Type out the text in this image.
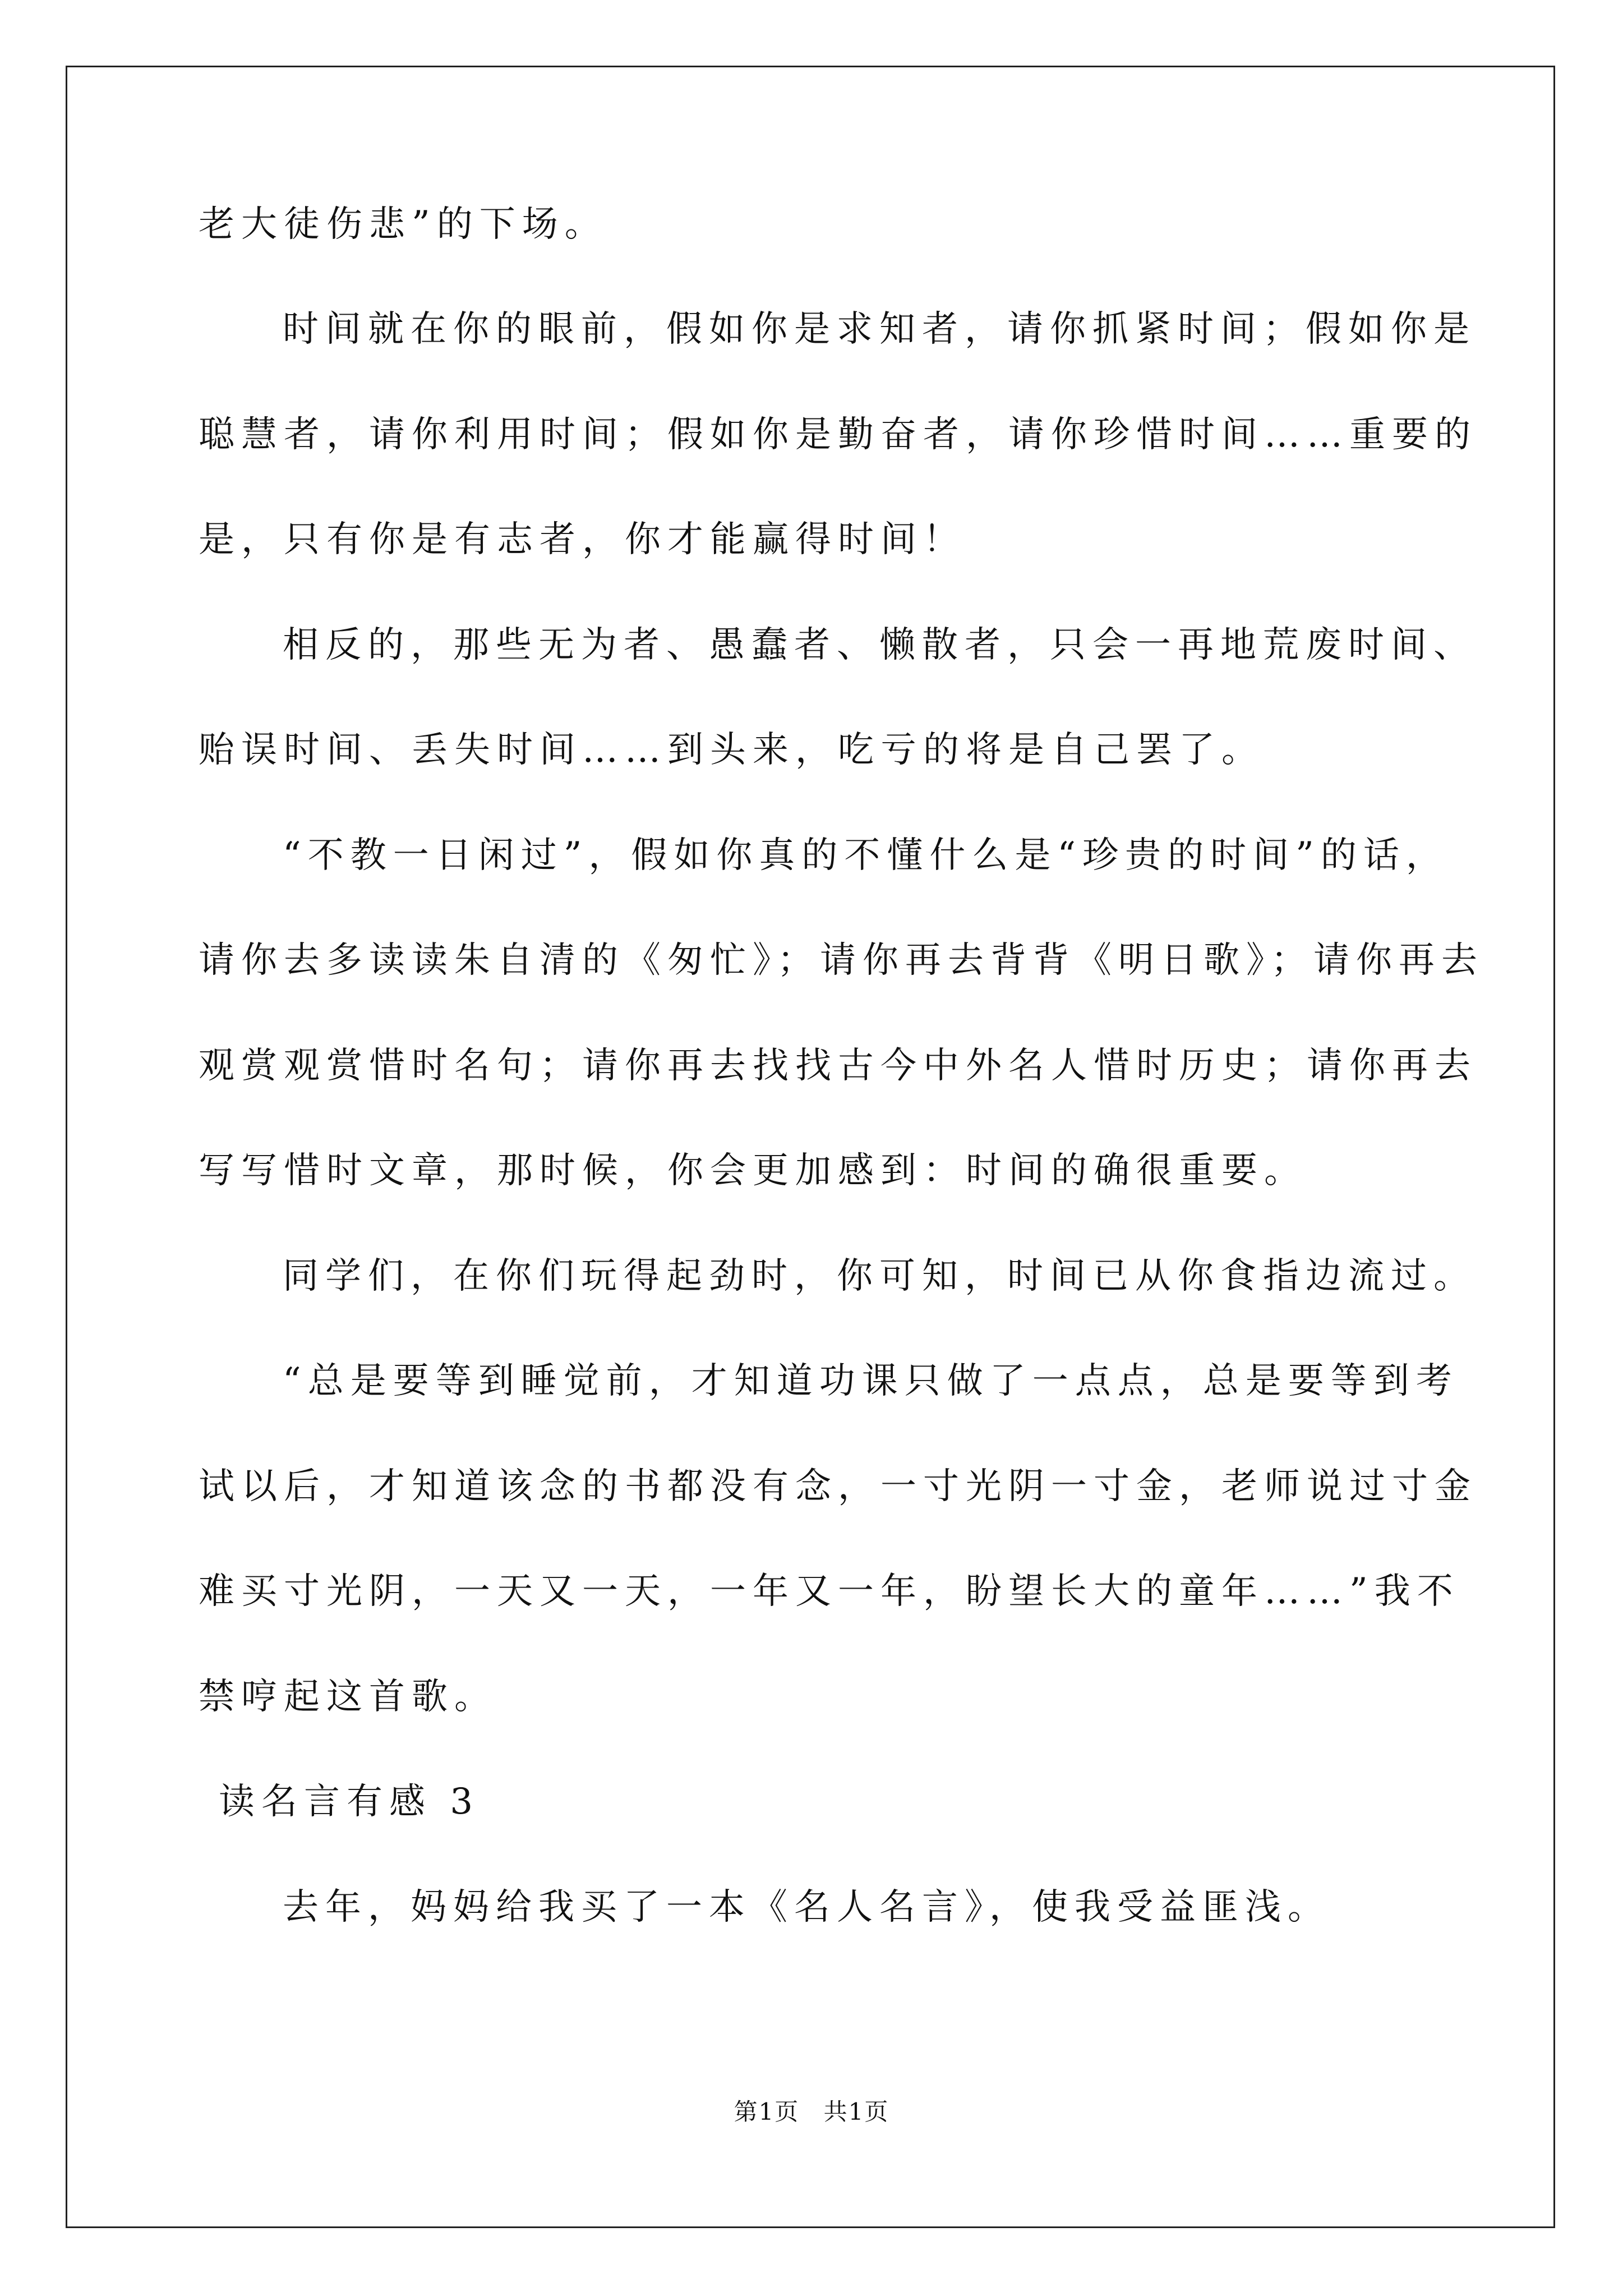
老大徒伤悲”的下场。
时间就在你的眼前，假如你是求知者，请你抓紧时间；假如你是
聪慧者，请你利用时间；假如你是勤奋者，请你珍惜时间……重要的
是，只有你是有志者，你才能赢得时间！
相反的，那些无为者、愚蠢者、懒散者，只会一再地荒废时间、
贻误时间、丢失时间……到头来，吃亏的将是自己罢了。
“不教一日闲过”，假如你真的不懂什么是“珍贵的时间”的话，
请你去多读读朱自清的《匆忙》；请你再去背背《明日歌》；请你再去
观赏观赏惜时名句；请你再去找找古今中外名人惜时历史；请你再去
写写惜时文章，那时候，你会更加感到：时间的确很重要。
同学们，在你们玩得起劲时，你可知，时间已从你食指边流过。
“总是要等到睡觉前，才知道功课只做了一点点，总是要等到考
试以后，才知道该念的书都没有念，一寸光阴一寸金，老师说过寸金
难买寸光阴，一天又一天，一年又一年，盼望长大的童年……”我不
禁哼起这首歌。
读名言有感 3
去年，妈妈给我买了一本《名人名言》，使我受益匪浅。
第1页 共1页
